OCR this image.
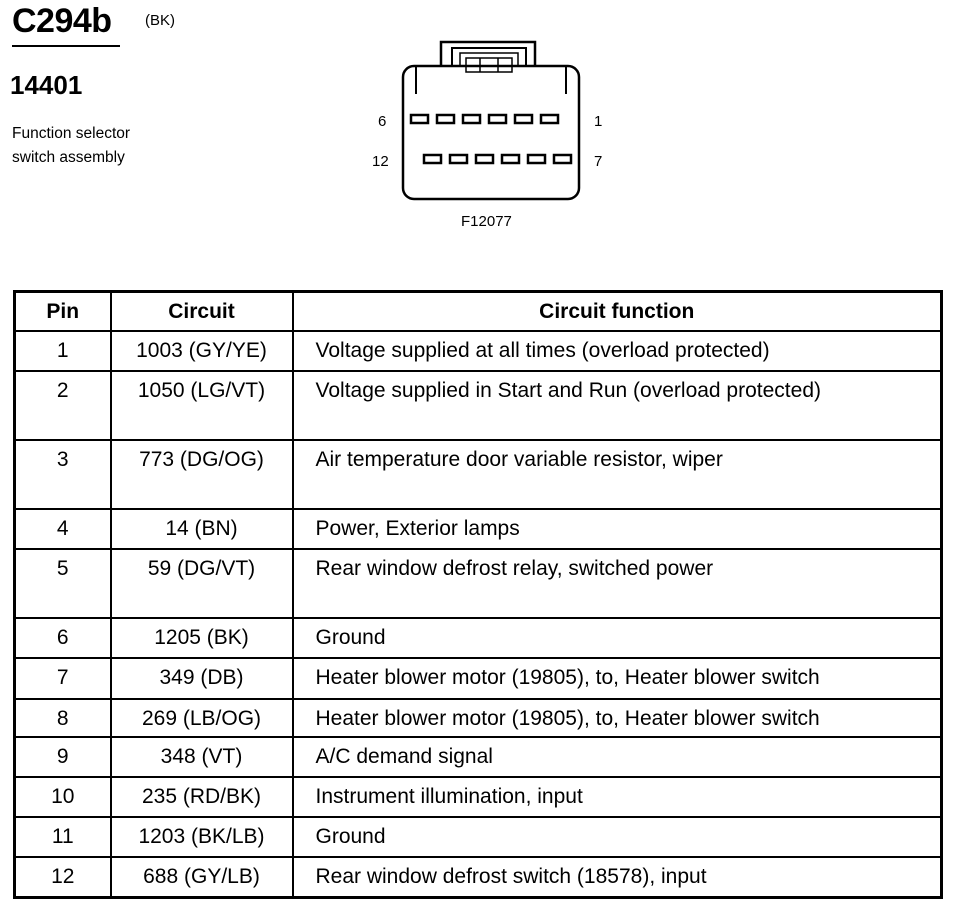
C294b (BK)
14401
Function selector
switch assembly
6	1
12	7
F12077
Pin	Circuit	Circuit function
1	1003 (GY/YE)	Voltage supplied at all times (overload protected)
2	1050 (LG/VT)	Voltage supplied in Start and Run (overload protected)
3	773 (DG/OG)	Air temperature door variable resistor, wiper
4	14 (BN)	Power, Exterior lamps
5	59 (DG/VT)	Rear window defrost relay, switched power
6	1205 (BK)	Ground
7	349 (DB)	Heater blower motor (19805), to, Heater blower switch
8	269 (LB/OG)	Heater blower motor (19805), to, Heater blower switch
9	348 (VT)	A/C demand signal
10	235 (RD/BK)	Instrument illumination, input
11	1203 (BK/LB)	Ground
12	688 (GY/LB)	Rear window defrost switch (18578), input
